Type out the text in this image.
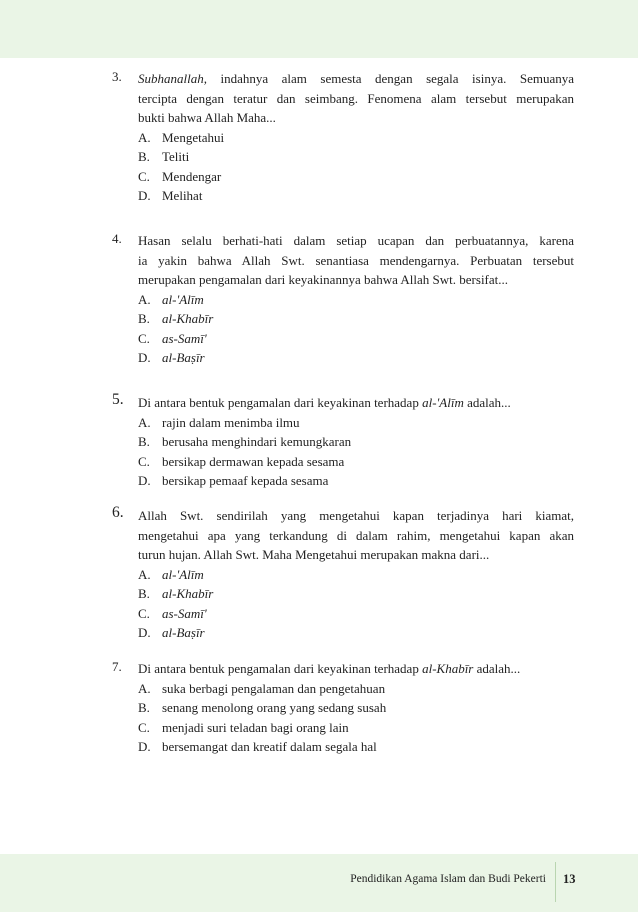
3. Subhanallah, indahnya alam semesta dengan segala isinya. Semuanya
tercipta dengan teratur dan seimbang. Fenomena alam tersebut merupakan
bukti bahwa Allah Maha...
A. Mengetahui
B. Teliti
C. Mendengar
D. Melihat
4. Hasan selalu berhati-hati dalam setiap ucapan dan perbuatannya, karena
ia yakin bahwa Allah Swt. senantiasa mendengarnya. Perbuatan tersebut
merupakan pengamalan dari keyakinannya bahwa Allah Swt. bersifat...
A. al-'Alīm
B. al-Khabīr
C. as-Samī'
D. al-Baṣīr
5. Di antara bentuk pengamalan dari keyakinan terhadap al-'Alīm adalah...
A. rajin dalam menimba ilmu
B. berusaha menghindari kemungkaran
C. bersikap dermawan kepada sesama
D. bersikap pemaaf kepada sesama
6. Allah Swt. sendirilah yang mengetahui kapan terjadinya hari kiamat,
mengetahui apa yang terkandung di dalam rahim, mengetahui kapan akan
turun hujan. Allah Swt. Maha Mengetahui merupakan makna dari...
A. al-'Alīm
B. al-Khabīr
C. as-Samī'
D. al-Baṣīr
7. Di antara bentuk pengamalan dari keyakinan terhadap al-Khabīr adalah...
A. suka berbagi pengalaman dan pengetahuan
B. senang menolong orang yang sedang susah
C. menjadi suri teladan bagi orang lain
D. bersemangat dan kreatif dalam segala hal
Pendidikan Agama Islam dan Budi Pekerti 13
